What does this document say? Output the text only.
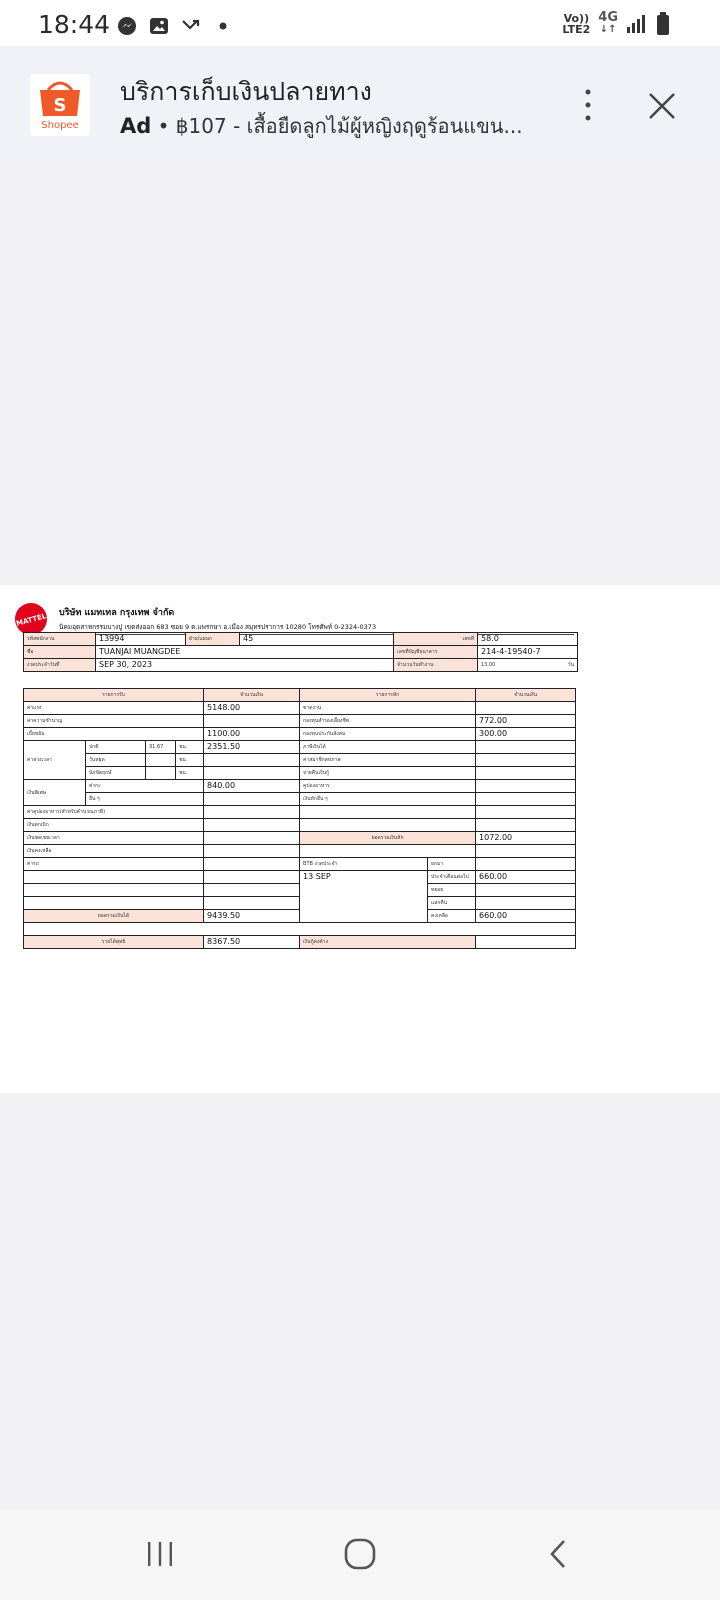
18:44	Vo))
LTE2
4G
↓↑
S
Shopee
บริการเก็บเงินปลายทาง
Ad • ฿107 - เสื้อยืดลูกไม้ผู้หญิงฤดูร้อนแขน...
MATTEL บริษัท แมทเทล กรุงเทพ จำกัด
นิคมอุตสาหกรรมบางปู เขตส่งออก 683 ซอย 9 ต.แพรกษา อ.เมือง สมุทรปราการ 10280 โทรศัพท์ 0-2324-0373
รหัสพนักงาน	13994	ฝ่าย/แผนก	45	เลขที่	58.0
ชื่อ	TUANJAI MUANGDEE			เลขที่บัญชีธนาคาร	214-4-19540-7
งวดประจำวันที่	SEP 30, 2023			จำนวนวันทำงาน	13.00 วัน
รายการรับ				จำนวนเงิน	รายการหัก		จำนวนเงิน
ค่าแรง				5148.00	ขาดงาน		
ค่าความชำนาญ					กองทุนสำรองเลี้ยงชีพ		772.00
เบี้ยขยัน				1100.00	กองทุนประกันสังคม		300.00
ค่าล่วงเวลา	ปกติ	31.67	ชม.	2351.50	ภาษีเงินได้		
	วันหยุด		ชม.		ค่าสมาชิกสหภาพ		
	นักขัตฤกษ์		ชม.		จ่ายคืนเงินกู้		
เงินพิเศษ	ค่ากะ			840.00	คูปองอาหาร		
	อื่น ๆ				เงินหักอื่น ๆ		
ค่าคูปองอาหาร(สำหรับคำนวณภาษี)							
เงินตกเบิก							
เงินชดเชยเวลา					ยอดรวมเงินหัก		1072.00
เงินคงเหลือ							
ค่ารถ					BTB งวดประจำ	ยกมา	
					13 SEP	ประจำเดือนต่อไป	660.00
						ทยอย	
						แลกคืน	
ยอดรวมเงินได้				9439.50		คงเหลือ	660.00

รายได้สุทธิ				8367.50	เงินกู้คงค้าง		
